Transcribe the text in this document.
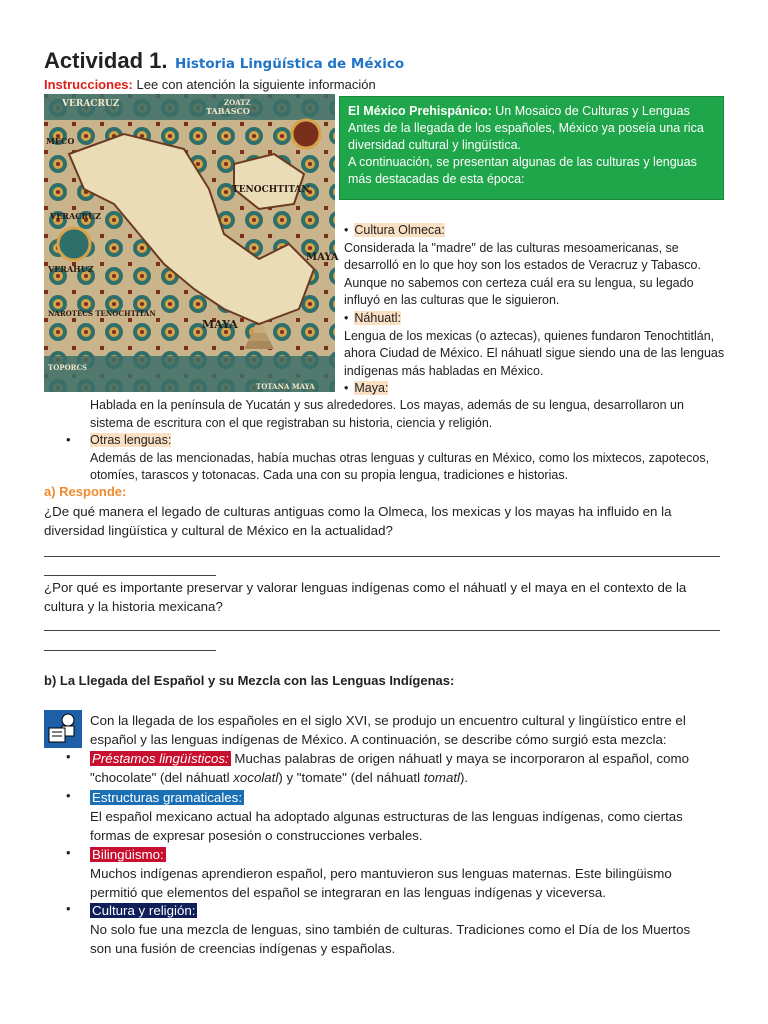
Actividad 1. Historia Lingüística de México
Instrucciones: Lee con atención la siguiente información
VERACRUZ	ZOATZ
MECO
TABASCO
TENOCHTITAN
VERACRUZ
VERAHUZ
MAYA
NAROTECS TENOCHTITAN
MAYA
TOPORCS
TOTANA MAYA
El México Prehispánico: Un Mosaico de Culturas y Lenguas
Antes de la llegada de los españoles, México ya poseía una rica
diversidad cultural y lingüística.
A continuación, se presentan algunas de las culturas y lenguas
más destacadas de esta época:
• Cultura Olmeca:
Considerada la "madre" de las culturas mesoamericanas, se
desarrolló en lo que hoy son los estados de Veracruz y Tabasco.
Aunque no sabemos con certeza cuál era su lengua, su legado
influyó en las culturas que le siguieron.
• Náhuatl:
Lengua de los mexicas (o aztecas), quienes fundaron Tenochtitlán,
ahora Ciudad de México. El náhuatl sigue siendo una de las lenguas
indígenas más habladas en México.
• Maya:
Hablada en la península de Yucatán y sus alrededores. Los mayas, además de su lengua, desarrollaron un
sistema de escritura con el que registraban su historia, ciencia y religión.
• Otras lenguas:
Además de las mencionadas, había muchas otras lenguas y culturas en México, como los mixtecos, zapotecos,
otomíes, tarascos y totonacas. Cada una con su propia lengua, tradiciones e historias.
a) Responde:
¿De qué manera el legado de culturas antiguas como la Olmeca, los mexicas y los mayas ha influido en la
diversidad lingüística y cultural de México en la actualidad?
¿Por qué es importante preservar y valorar lenguas indígenas como el náhuatl y el maya en el contexto de la
cultura y la historia mexicana?
b) La Llegada del Español y su Mezcla con las Lenguas Indígenas:
Con la llegada de los españoles en el siglo XVI, se produjo un encuentro cultural y lingüístico entre el
español y las lenguas indígenas de México. A continuación, se describe cómo surgió esta mezcla:
• Préstamos lingüísticos: Muchas palabras de origen náhuatl y maya se incorporaron al español, como
"chocolate" (del náhuatl xocolatl) y "tomate" (del náhuatl tomatl).
• Estructuras gramaticales:
El español mexicano actual ha adoptado algunas estructuras de las lenguas indígenas, como ciertas
formas de expresar posesión o construcciones verbales.
• Bilingüismo:
Muchos indígenas aprendieron español, pero mantuvieron sus lenguas maternas. Este bilingüismo
permitió que elementos del español se integraran en las lenguas indígenas y viceversa.
• Cultura y religión:
No solo fue una mezcla de lenguas, sino también de culturas. Tradiciones como el Día de los Muertos
son una fusión de creencias indígenas y españolas.
